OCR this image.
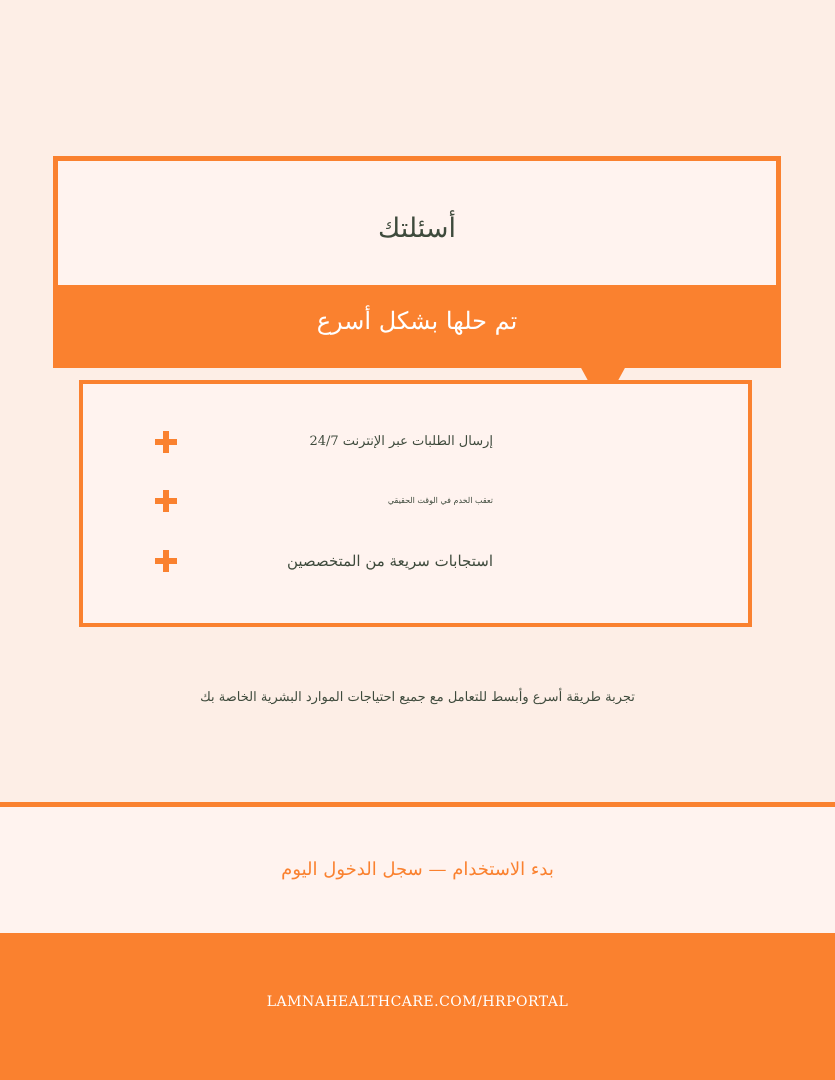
أسئلتك
تم حلها بشكل أسرع
إرسال الطلبات عبر الإنترنت 24/7
تعقب الخدم في الوقت الحقيقي
استجابات سريعة من المتخصصين
تجربة طريقة أسرع وأبسط للتعامل مع جميع احتياجات الموارد البشرية الخاصة بك
بدء الاستخدام — سجل الدخول اليوم
LAMNAHEALTHCARE.COM/HRPORTAL
